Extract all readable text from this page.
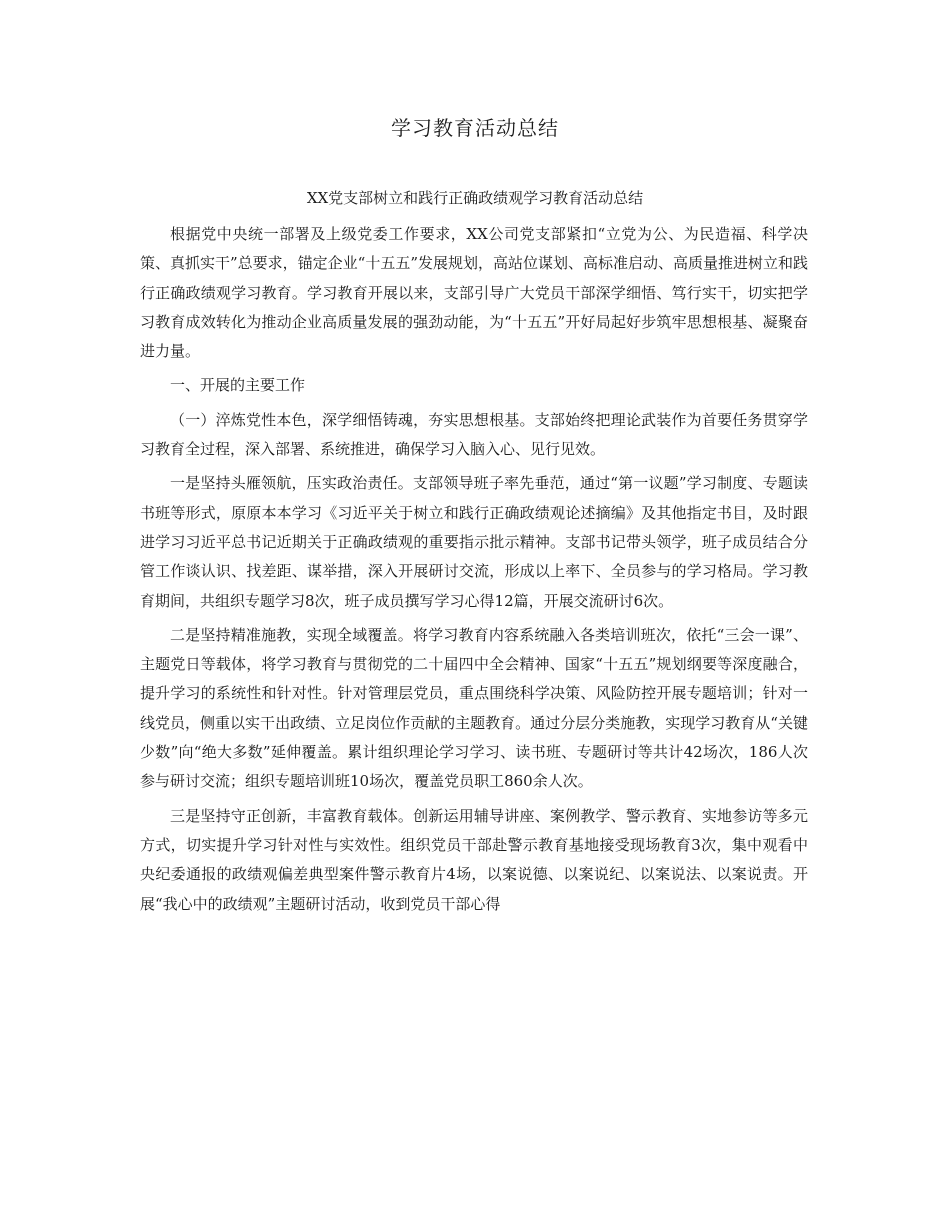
学习教育活动总结
XX党支部树立和践行正确政绩观学习教育活动总结

根据党中央统一部署及上级党委工作要求，XX公司党支部紧扣“立党为公、为民造福、科学决策、真抓实干”总要求，锚定企业“十五五”发展规划，高站位谋划、高标准启动、高质量推进树立和践行正确政绩观学习教育。学习教育开展以来，支部引导广大党员干部深学细悟、笃行实干，切实把学习教育成效转化为推动企业高质量发展的强劲动能，为“十五五”开好局起好步筑牢思想根基、凝聚奋进力量。

一、开展的主要工作

（一）淬炼党性本色，深学细悟铸魂，夯实思想根基。支部始终把理论武装作为首要任务贯穿学习教育全过程，深入部署、系统推进，确保学习入脑入心、见行见效。

一是坚持头雁领航，压实政治责任。支部领导班子率先垂范，通过“第一议题”学习制度、专题读书班等形式，原原本本学习《习近平关于树立和践行正确政绩观论述摘编》及其他指定书目，及时跟进学习习近平总书记近期关于正确政绩观的重要指示批示精神。支部书记带头领学，班子成员结合分管工作谈认识、找差距、谋举措，深入开展研讨交流，形成以上率下、全员参与的学习格局。学习教育期间，共组织专题学习8次，班子成员撰写学习心得12篇，开展交流研讨6次。

二是坚持精准施教，实现全域覆盖。将学习教育内容系统融入各类培训班次，依托“三会一课”、主题党日等载体，将学习教育与贯彻党的二十届四中全会精神、国家“十五五”规划纲要等深度融合，提升学习的系统性和针对性。针对管理层党员，重点围绕科学决策、风险防控开展专题培训；针对一线党员，侧重以实干出政绩、立足岗位作贡献的主题教育。通过分层分类施教，实现学习教育从“关键少数”向“绝大多数”延伸覆盖。累计组织理论学习学习、读书班、专题研讨等共计42场次，186人次参与研讨交流；组织专题培训班10场次，覆盖党员职工860余人次。

三是坚持守正创新，丰富教育载体。创新运用辅导讲座、案例教学、警示教育、实地参访等多元方式，切实提升学习针对性与实效性。组织党员干部赴警示教育基地接受现场教育3次，集中观看中央纪委通报的政绩观偏差典型案件警示教育片4场，以案说德、以案说纪、以案说法、以案说责。开展“我心中的政绩观”主题研讨活动，收到党员干部心得
